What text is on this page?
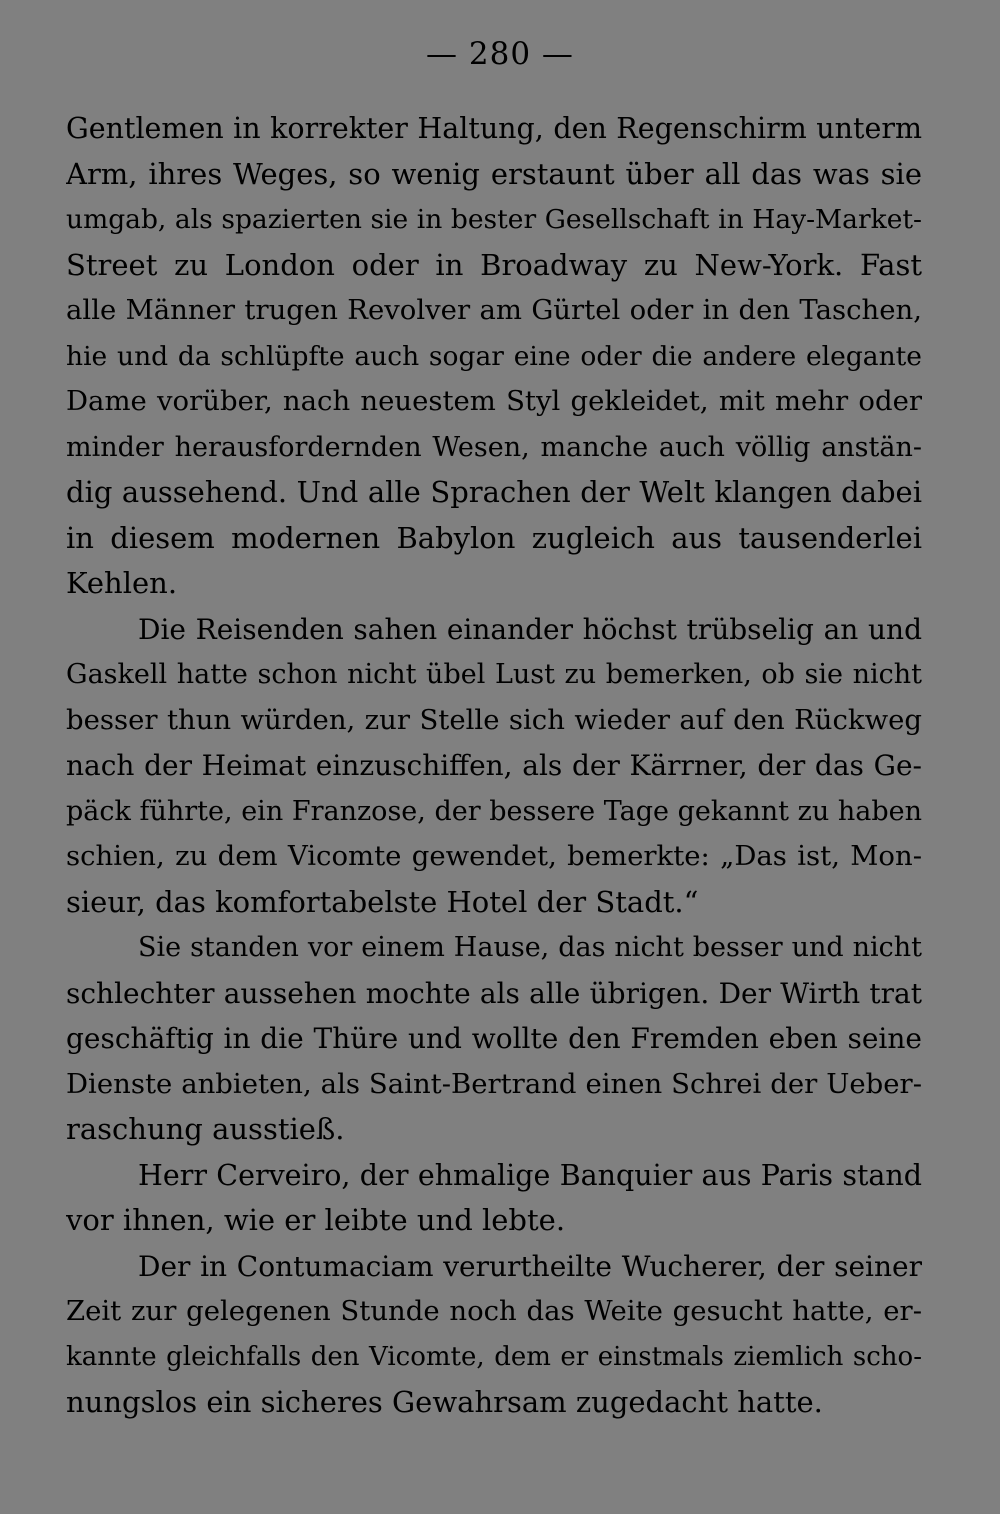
— 280 —
Gentlemen in korrekter Haltung, den Regenschirm unterm
Arm, ihres Weges, so wenig erstaunt über all das was sie
umgab, als spazierten sie in bester Gesellschaft in Hay-Market-
Street zu London oder in Broadway zu New-York. Fast
alle Männer trugen Revolver am Gürtel oder in den Taschen,
hie und da schlüpfte auch sogar eine oder die andere elegante
Dame vorüber, nach neuestem Styl gekleidet, mit mehr oder
minder herausfordernden Wesen, manche auch völlig anstän-
dig aussehend. Und alle Sprachen der Welt klangen dabei
in diesem modernen Babylon zugleich aus tausenderlei
Kehlen.
Die Reisenden sahen einander höchst trübselig an und
Gaskell hatte schon nicht übel Lust zu bemerken, ob sie nicht
besser thun würden, zur Stelle sich wieder auf den Rückweg
nach der Heimat einzuschiffen, als der Kärrner, der das Ge-
päck führte, ein Franzose, der bessere Tage gekannt zu haben
schien, zu dem Vicomte gewendet, bemerkte: „Das ist, Mon-
sieur, das komfortabelste Hotel der Stadt.“
Sie standen vor einem Hause, das nicht besser und nicht
schlechter aussehen mochte als alle übrigen. Der Wirth trat
geschäftig in die Thüre und wollte den Fremden eben seine
Dienste anbieten, als Saint-Bertrand einen Schrei der Ueber-
raschung ausstieß.
Herr Cerveiro, der ehmalige Banquier aus Paris stand
vor ihnen, wie er leibte und lebte.
Der in Contumaciam verurtheilte Wucherer, der seiner
Zeit zur gelegenen Stunde noch das Weite gesucht hatte, er-
kannte gleichfalls den Vicomte, dem er einstmals ziemlich scho-
nungslos ein sicheres Gewahrsam zugedacht hatte.
